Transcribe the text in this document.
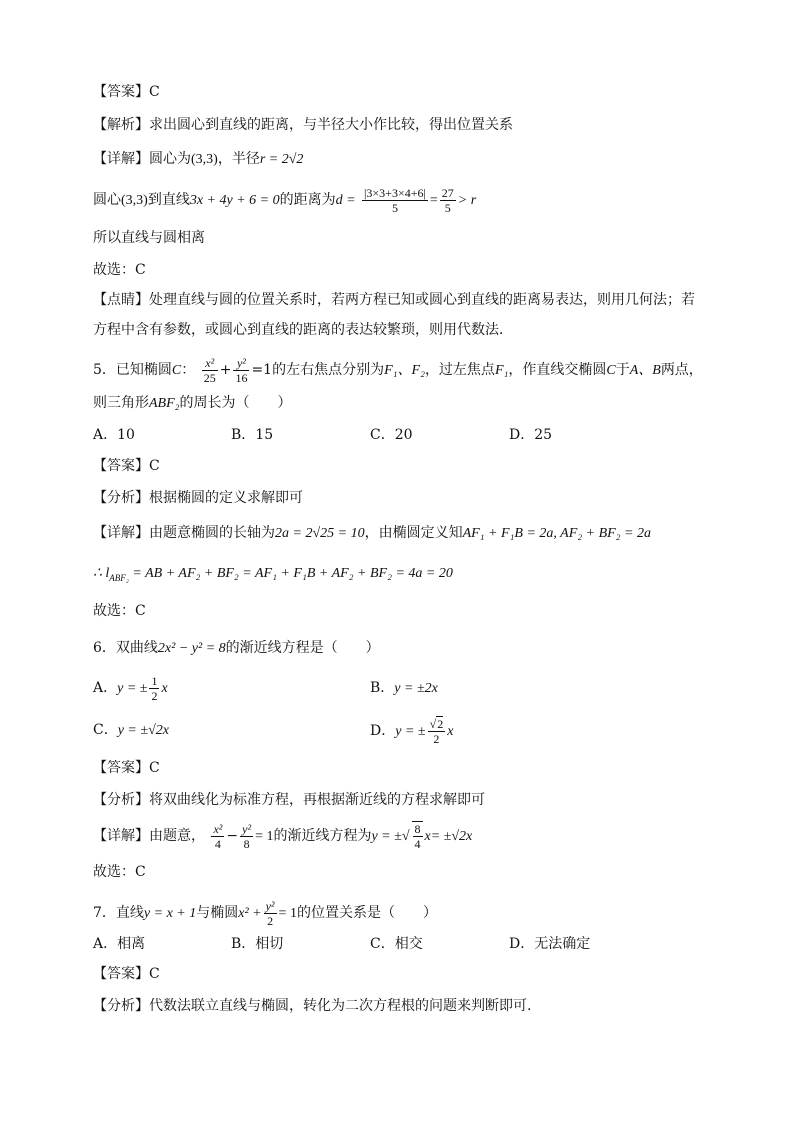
【答案】C
【解析】求出圆心到直线的距离，与半径大小作比较，得出位置关系
【详解】圆心为(3,3)，半径r = 2√2
圆心(3,3)到直线3x + 4y + 6 = 0的距离为$d = \frac{|3\times 3+3\times 4+6|}{5} = \frac{27}{5} > r$
所以直线与圆相离
故选：C
【点睛】处理直线与圆的位置关系时，若两方程已知或圆心到直线的距离易表达，则用几何法；若
方程中含有参数，或圆心到直线的距离的表达较繁琐，则用代数法．
5．已知椭圆C： $\frac{\text{x²}}{25} + \frac{\text{y²}}{16} =1$的左右焦点分别为F₁、F₂，过左焦点F₁，作直线交椭圆C于A、B两点，
则三角形ABF₂的周长为（　　）
A．10	B．15	C．20	D．25
【答案】C
【分析】根据椭圆的定义求解即可
【详解】由题意椭圆的长轴为2a = 2√25 = 10，由椭圆定义知AF₁ + F₁B = 2a, AF₂ + BF₂ = 2a
∴ $l_{ABF_2}$ = AB + AF₂ + BF₂ = AF₁ + F₁B + AF₂ + BF₂ = 4a = 20
故选：C
6．双曲线2x² − y² = 8的渐近线方程是（　　）
A．y = ± $\frac{1}{2}$ x	B．y = ±2x
C．y = ±√2x	D．y = ± $\frac{√2}{2}$ x
【答案】C
【分析】将双曲线化为标准方程，再根据渐近线的方程求解即可
【详解】由题意， $\frac{\text{x²}}{4} - \frac{\text{y²}}{8} = 1$的渐近线方程为y = ±√ $\frac{8}{4} x= \pm√2x$
故选：C
7．直线y = x + 1与椭圆$x^2 + \frac{\text{y²}}{2} = 1$的位置关系是（　　）
A．相离	B．相切	C．相交	D．无法确定
【答案】C
【分析】代数法联立直线与椭圆，转化为二次方程根的问题来判断即可.
